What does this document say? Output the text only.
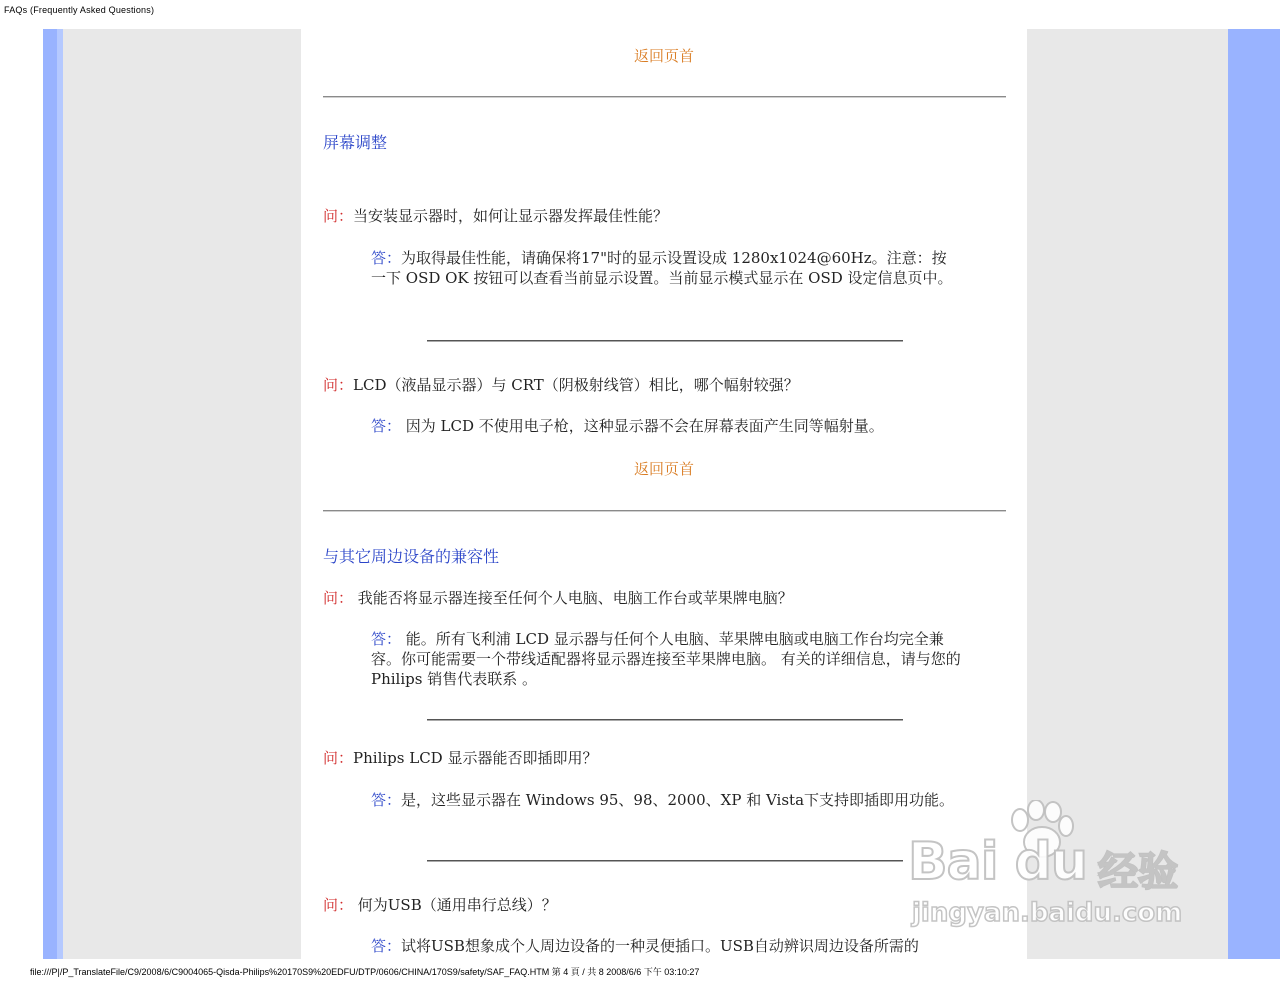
FAQs (Frequently Asked Questions)
返回页首
屏幕调整
问：当安装显示器时，如何让显示器发挥最佳性能？
答：为取得最佳性能，请确保将17"时的显示设置设成 1280x1024@60Hz。注意：按一下 OSD OK 按钮可以查看当前显示设置。当前显示模式显示在 OSD 设定信息页中。
问：LCD（液晶显示器）与 CRT（阴极射线管）相比，哪个幅射较强？
答： 因为 LCD 不使用电子枪，这种显示器不会在屏幕表面产生同等幅射量。
返回页首
与其它周边设备的兼容性
问： 我能否将显示器连接至任何个人电脑、电脑工作台或苹果牌电脑？
答： 能。所有飞利浦 LCD 显示器与任何个人电脑、苹果牌电脑或电脑工作台均完全兼容。你可能需要一个带线适配器将显示器连接至苹果牌电脑。 有关的详细信息，请与您的 Philips 销售代表联系 。
问：Philips LCD 显示器能否即插即用？
答：是，这些显示器在 Windows 95、98、2000、XP 和 Vista下支持即插即用功能。
问： 何为USB（通用串行总线）？
答：试将USB想象成个人周边设备的一种灵便插口。USB自动辨识周边设备所需的
Bai du 经验
jingyan.baidu.com
file:///P|/P_TranslateFile/C9/2008/6/C9004065-Qisda-Philips%20170S9%20EDFU/DTP/0606/CHINA/170S9/safety/SAF_FAQ.HTM 第 4 頁 / 共 8 2008/6/6 下午 03:10:27
